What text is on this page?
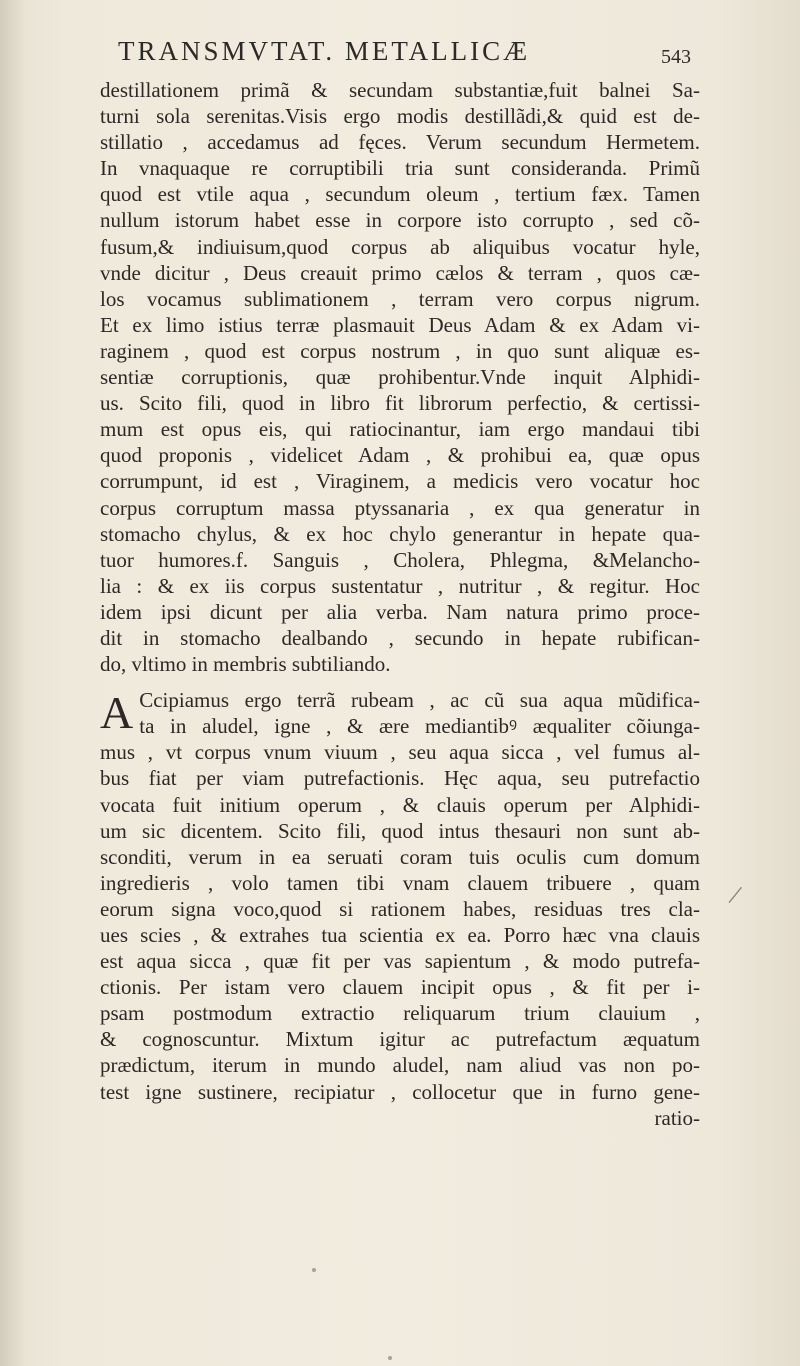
TRANSMVTAT. METALLICÆ	543
destillationem primã & secundam substantiæ,fuit balnei Sa-
turni sola serenitas.Visis ergo modis destillãdi,& quid est de-
stillatio , accedamus ad fęces. Verum secundum Hermetem.
In vnaquaque re corruptibili tria sunt consideranda. Primũ
quod est vtile aqua , secundum oleum , tertium fæx. Tamen
nullum istorum habet esse in corpore isto corrupto , sed cõ-
fusum,& indiuisum,quod corpus ab aliquibus vocatur hyle,
vnde dicitur , Deus creauit primo cælos & terram , quos cæ-
los vocamus sublimationem , terram vero corpus nigrum.
Et ex limo istius terræ plasmauit Deus Adam & ex Adam vi-
raginem , quod est corpus nostrum , in quo sunt aliquæ es-
sentiæ corruptionis, quæ prohibentur.Vnde inquit Alphidi-
us. Scito fili, quod in libro fit librorum perfectio, & certissi-
mum est opus eis, qui ratiocinantur, iam ergo mandaui tibi
quod proponis , videlicet Adam , & prohibui ea, quæ opus
corrumpunt, id est , Viraginem, a medicis vero vocatur hoc
corpus corruptum massa ptyssanaria , ex qua generatur in
stomacho chylus, & ex hoc chylo generantur in hepate qua-
tuor humores.f. Sanguis , Cholera, Phlegma, &Melancho-
lia : & ex iis corpus sustentatur , nutritur , & regitur. Hoc
idem ipsi dicunt per alia verba. Nam natura primo proce-
dit in stomacho dealbando , secundo in hepate rubifican-
do, vltimo in membris subtiliando.
A Ccipiamus ergo terrã rubeam , ac cũ sua aqua mũdifica-
ta in aludel, igne , & ære mediantibꝰ æqualiter cõiunga-
mus , vt corpus vnum viuum , seu aqua sicca , vel fumus al-
bus fiat per viam putrefactionis. Hęc aqua, seu putrefactio
vocata fuit initium operum , & clauis operum per Alphidi-
um sic dicentem. Scito fili, quod intus thesauri non sunt ab-
sconditi, verum in ea seruati coram tuis oculis cum domum
ingredieris , volo tamen tibi vnam clauem tribuere , quam
eorum signa voco,quod si rationem habes, residuas tres cla-
ues scies , & extrahes tua scientia ex ea. Porro hæc vna clauis
est aqua sicca , quæ fit per vas sapientum , & modo putrefa-
ctionis. Per istam vero clauem incipit opus , & fit per i-
psam postmodum extractio reliquarum trium clauium ,
& cognoscuntur. Mixtum igitur ac putrefactum æquatum
prædictum, iterum in mundo aludel, nam aliud vas non po-
test igne sustinere, recipiatur , collocetur que in furno gene-
ratio-
/
